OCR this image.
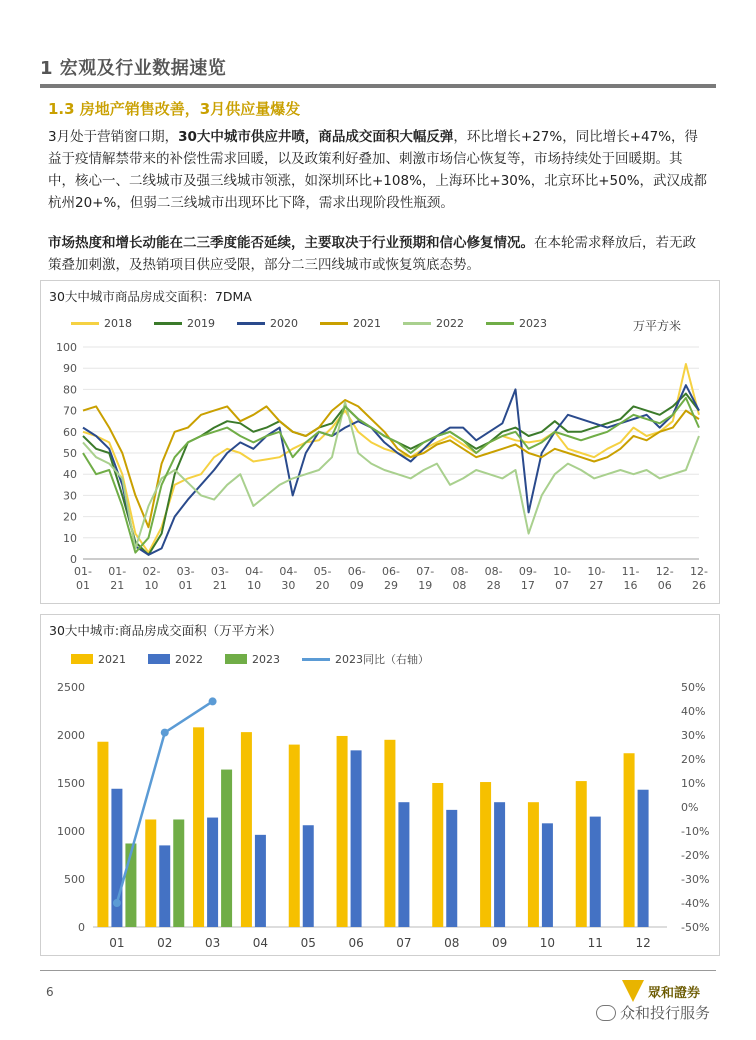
1 宏观及行业数据速览
1.3 房地产销售改善，3月供应量爆发
3月处于营销窗口期，30大中城市供应井喷，商品成交面积大幅反弹，环比增长+27%，同比增长+47%，得益于疫情解禁带来的补偿性需求回暖，以及政策利好叠加、刺激市场信心恢复等，市场持续处于回暖期。其中，核心一、二线城市及强三线城市领涨，如深圳环比+108%，上海环比+30%，北京环比+50%，武汉成都杭州20+%，但弱二三线城市出现环比下降，需求出现阶段性瓶颈。
市场热度和增长动能在二三季度能否延续，主要取决于行业预期和信心修复情况。在本轮需求释放后，若无政策叠加刺激，及热销项目供应受限，部分二三四线城市或恢复筑底态势。
30大中城市商品房成交面积：7DMA
2018	2019	2020	2021	2022	2023	万平方米
0
10
20
30
40
50
60
70
80
90
100
01-
01
01-
21
02-
10
03-
01
03-
21
04-
10
04-
30
05-
20
06-
09
06-
29
07-
19
08-
08
08-
28
09-
17
10-
07
10-
27
11-
16
12-
06
12-
26
30大中城市:商品房成交面积（万平方米）
2021	2022	2023	2023同比（右轴）
0
500
1000
1500
2000
2500
-50%
-40%
-30%
-20%
-10%
0%
10%
20%
30%
40%
50%
01	02	03	04	05	06	07	08	09	10	11	12
6	眾和證券
众和投行服务
